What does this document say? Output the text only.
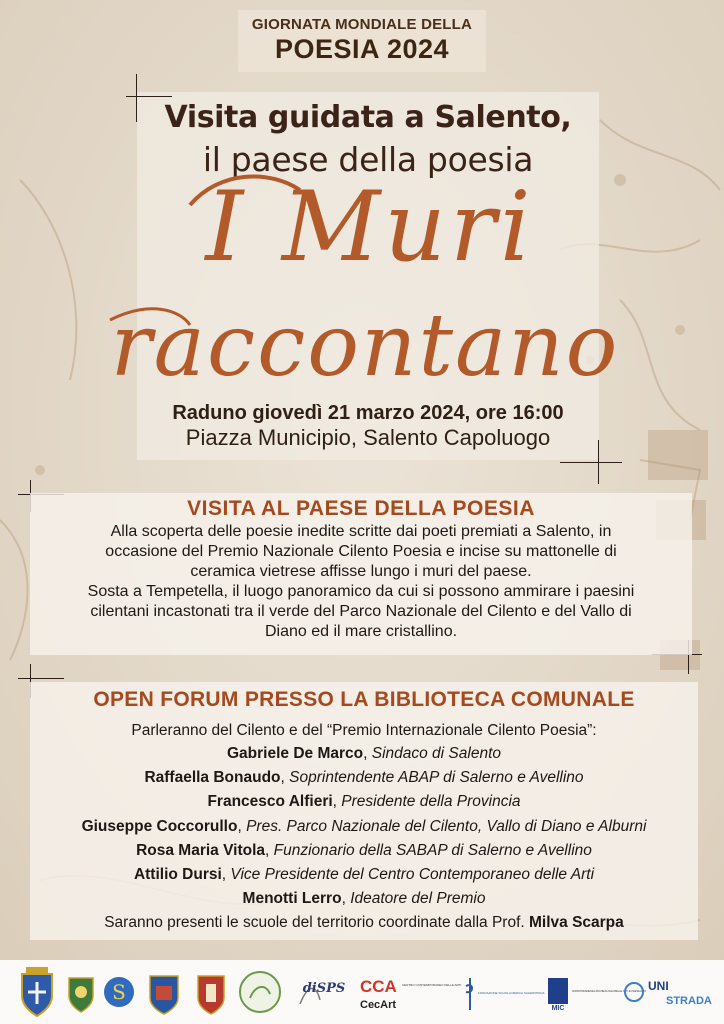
GIORNATA MONDIALE DELLA
POESIA 2024
Visita guidata a Salento,
il paese della poesia
I Muri
raccontano
Raduno giovedì 21 marzo 2024, ore 16:00
Piazza Municipio, Salento Capoluogo
VISITA AL PAESE DELLA POESIA
Alla scoperta delle poesie inedite scritte dai poeti premiati a Salento, in
occasione del Premio Nazionale Cilento Poesia e incise su mattonelle di
ceramica vietrese affisse lungo i muri del paese.
Sosta a Tempetella, il luogo panoramico da cui si possono ammirare i paesini
cilentani incastonati tra il verde del Parco Nazionale del Cilento e del Vallo di
Diano ed il mare cristallino.
OPEN FORUM PRESSO LA BIBLIOTECA COMUNALE
Parleranno del Cilento e del “Premio Internazionale Cilento Poesia”:
Gabriele De Marco, Sindaco di Salento
Raffaella Bonaudo, Soprintendente ABAP di Salerno e Avellino
Francesco Alfieri, Presidente della Provincia
Giuseppe Coccorullo, Pres. Parco Nazionale del Cilento, Vallo di Diano e Alburni
Rosa Maria Vitola, Funzionario della SABAP di Salerno e Avellino
Attilio Dursi, Vice Presidente del Centro Contemporaneo delle Arti
Menotti Lerro, Ideatore del Premio
Saranno presenti le scuole del territorio coordinate dalla Prof. Milva Scarpa
S	diSPS CCA
CecArt
CENTRO CONTEMPORANEO DELLE ARTI
FONDAZIONE SCUOLA MEDICA SALERNITANA
MIC
SOPRINTENDENZA ARCHEOLOGIA BELLE ARTI E PAESAGGIO UNI
STRADA
